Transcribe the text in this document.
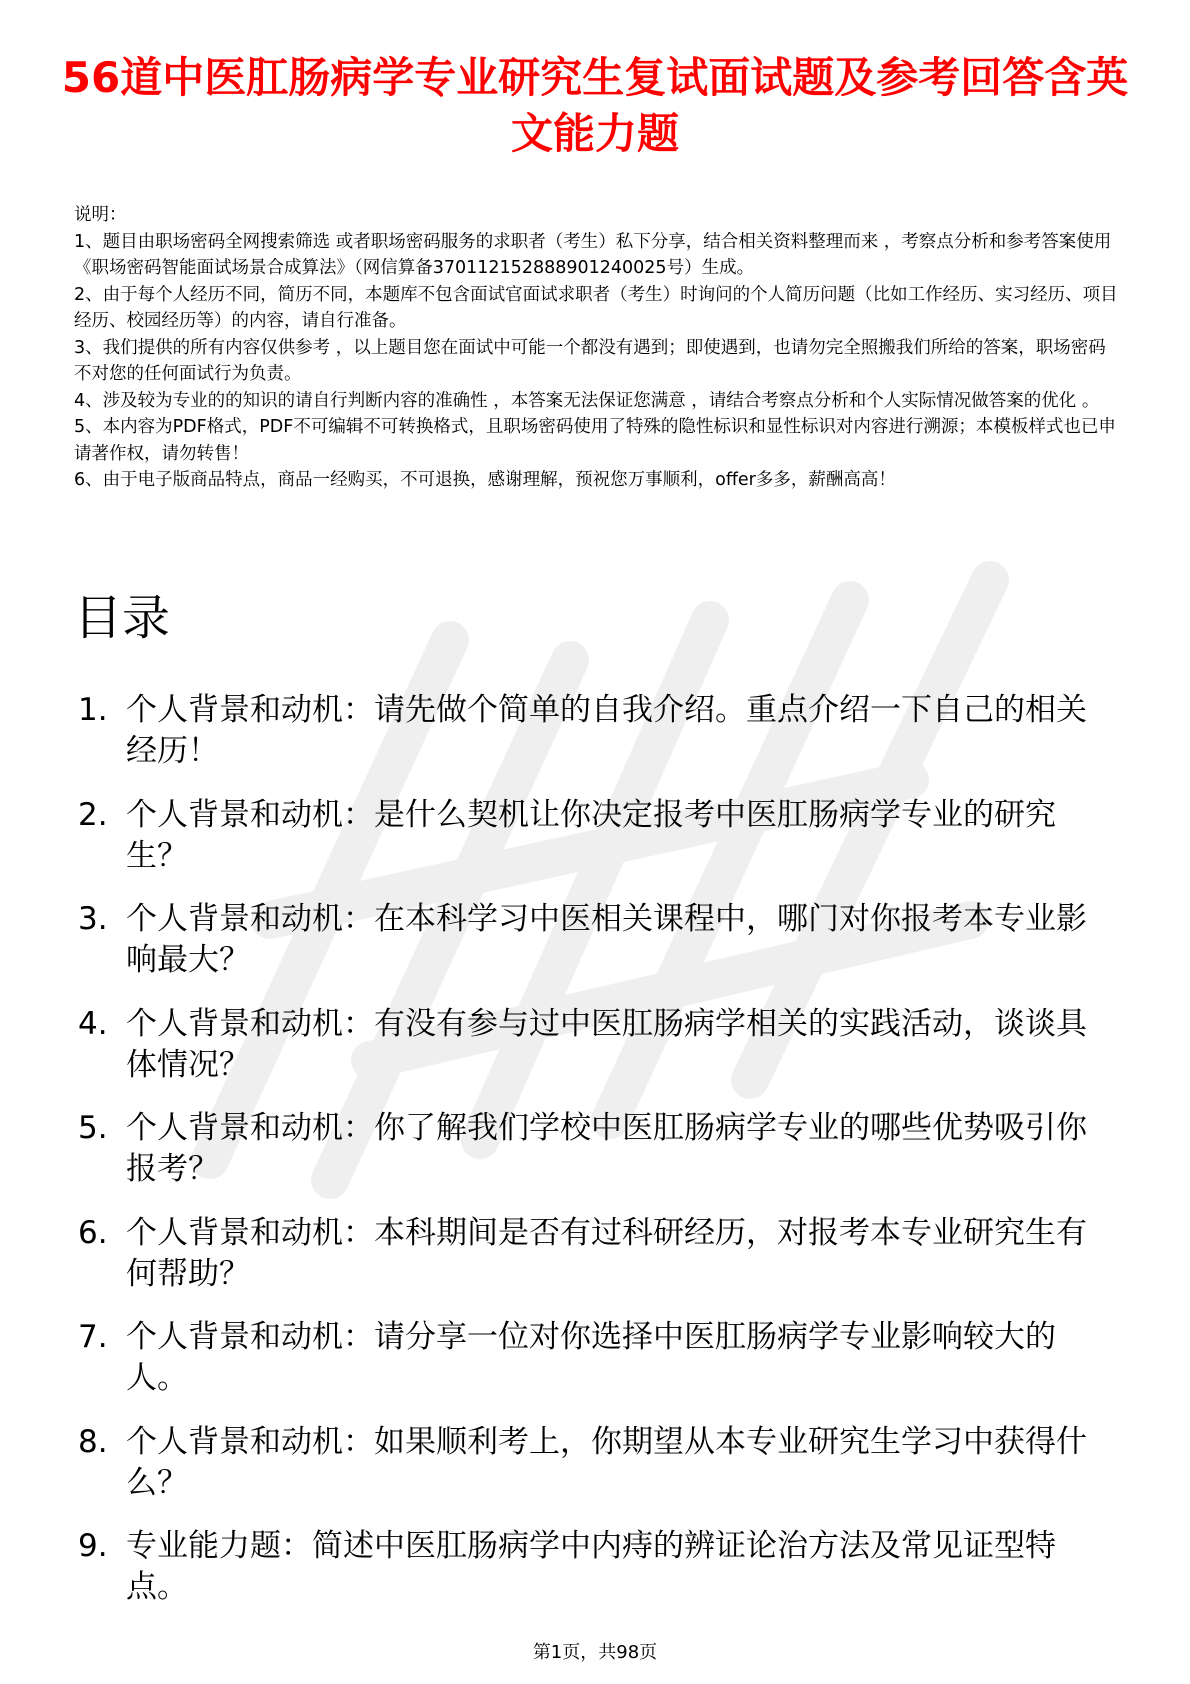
56道中医肛肠病学专业研究生复试面试题及参考回答含英文能力题

说明：

1、题目由职场密码全网搜索筛选 或者职场密码服务的求职者（考生）私下分享，结合相关资料整理而来 ，考察点分析和参考答案使用《职场密码智能面试场景合成算法》（网信算备370112152888901240025号）生成。

2、由于每个人经历不同，简历不同，本题库不包含面试官面试求职者（考生）时询问的个人简历问题（比如工作经历、实习经历、项目经历、校园经历等）的内容，请自行准备。

3、我们提供的所有内容仅供参考 ，以上题目您在面试中可能一个都没有遇到；即使遇到，也请勿完全照搬我们所给的答案，职场密码不对您的任何面试行为负责。

4、涉及较为专业的的知识的请自行判断内容的准确性 ，本答案无法保证您满意 ，请结合考察点分析和个人实际情况做答案的优化 。

5、本内容为PDF格式，PDF不可编辑不可转换格式，且职场密码使用了特殊的隐性标识和显性标识对内容进行溯源；本模板样式也已申请著作权，请勿转售！

6、由于电子版商品特点，商品一经购买，不可退换，感谢理解，预祝您万事顺利，offer多多，薪酬高高！

目录
1. 个人背景和动机：请先做个简单的自我介绍。重点介绍一下自己的相关经历！
2. 个人背景和动机：是什么契机让你决定报考中医肛肠病学专业的研究生？
3. 个人背景和动机：在本科学习中医相关课程中，哪门对你报考本专业影响最大？
4. 个人背景和动机：有没有参与过中医肛肠病学相关的实践活动，谈谈具体情况？
5. 个人背景和动机：你了解我们学校中医肛肠病学专业的哪些优势吸引你报考？
6. 个人背景和动机：本科期间是否有过科研经历，对报考本专业研究生有何帮助？
7. 个人背景和动机：请分享一位对你选择中医肛肠病学专业影响较大的人。
8. 个人背景和动机：如果顺利考上，你期望从本专业研究生学习中获得什么？
9. 专业能力题：简述中医肛肠病学中内痔的辨证论治方法及常见证型特点。
第1页，共98页
